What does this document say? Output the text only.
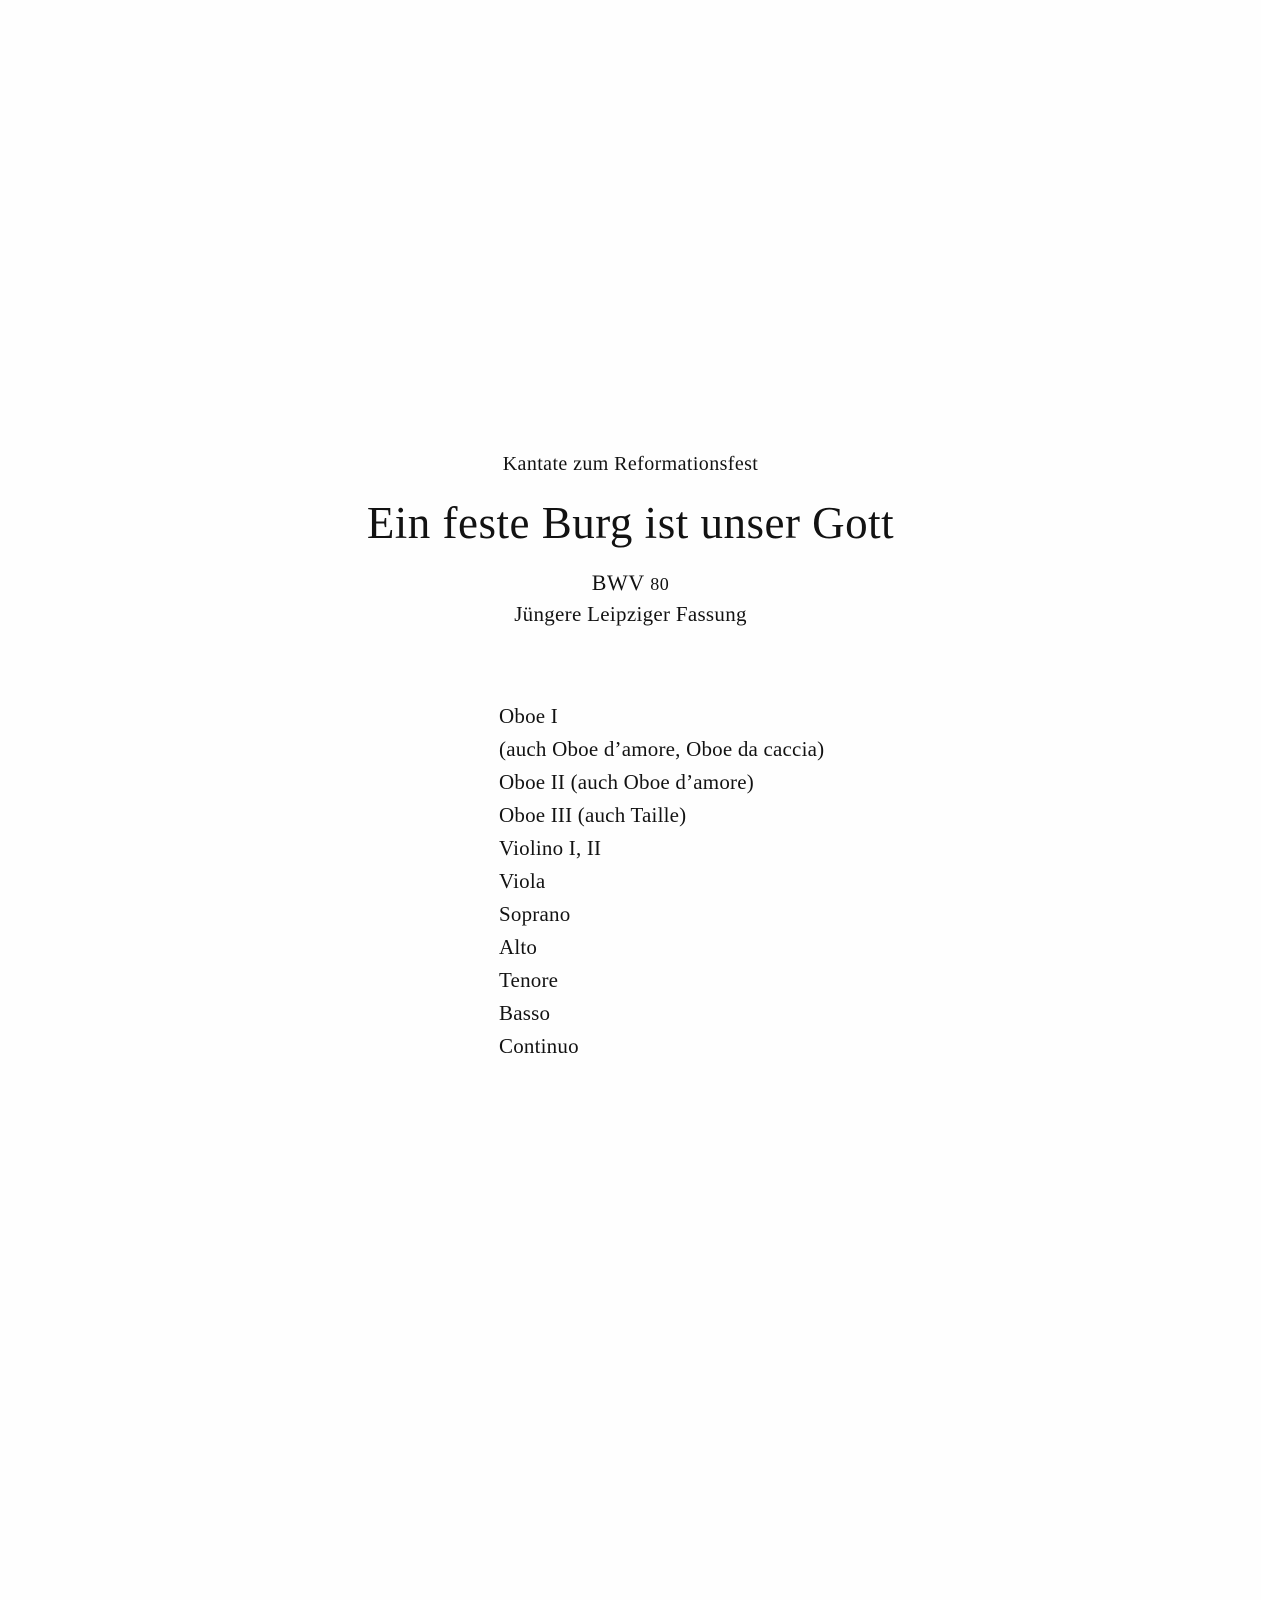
Kantate zum Reformationsfest

Ein feste Burg ist unser Gott

BWV 80

Jüngere Leipziger Fassung

Oboe I
(auch Oboe d’amore, Oboe da caccia)
Oboe II (auch Oboe d’amore)
Oboe III (auch Taille)
Violino I, II
Viola
Soprano
Alto
Tenore
Basso
Continuo
